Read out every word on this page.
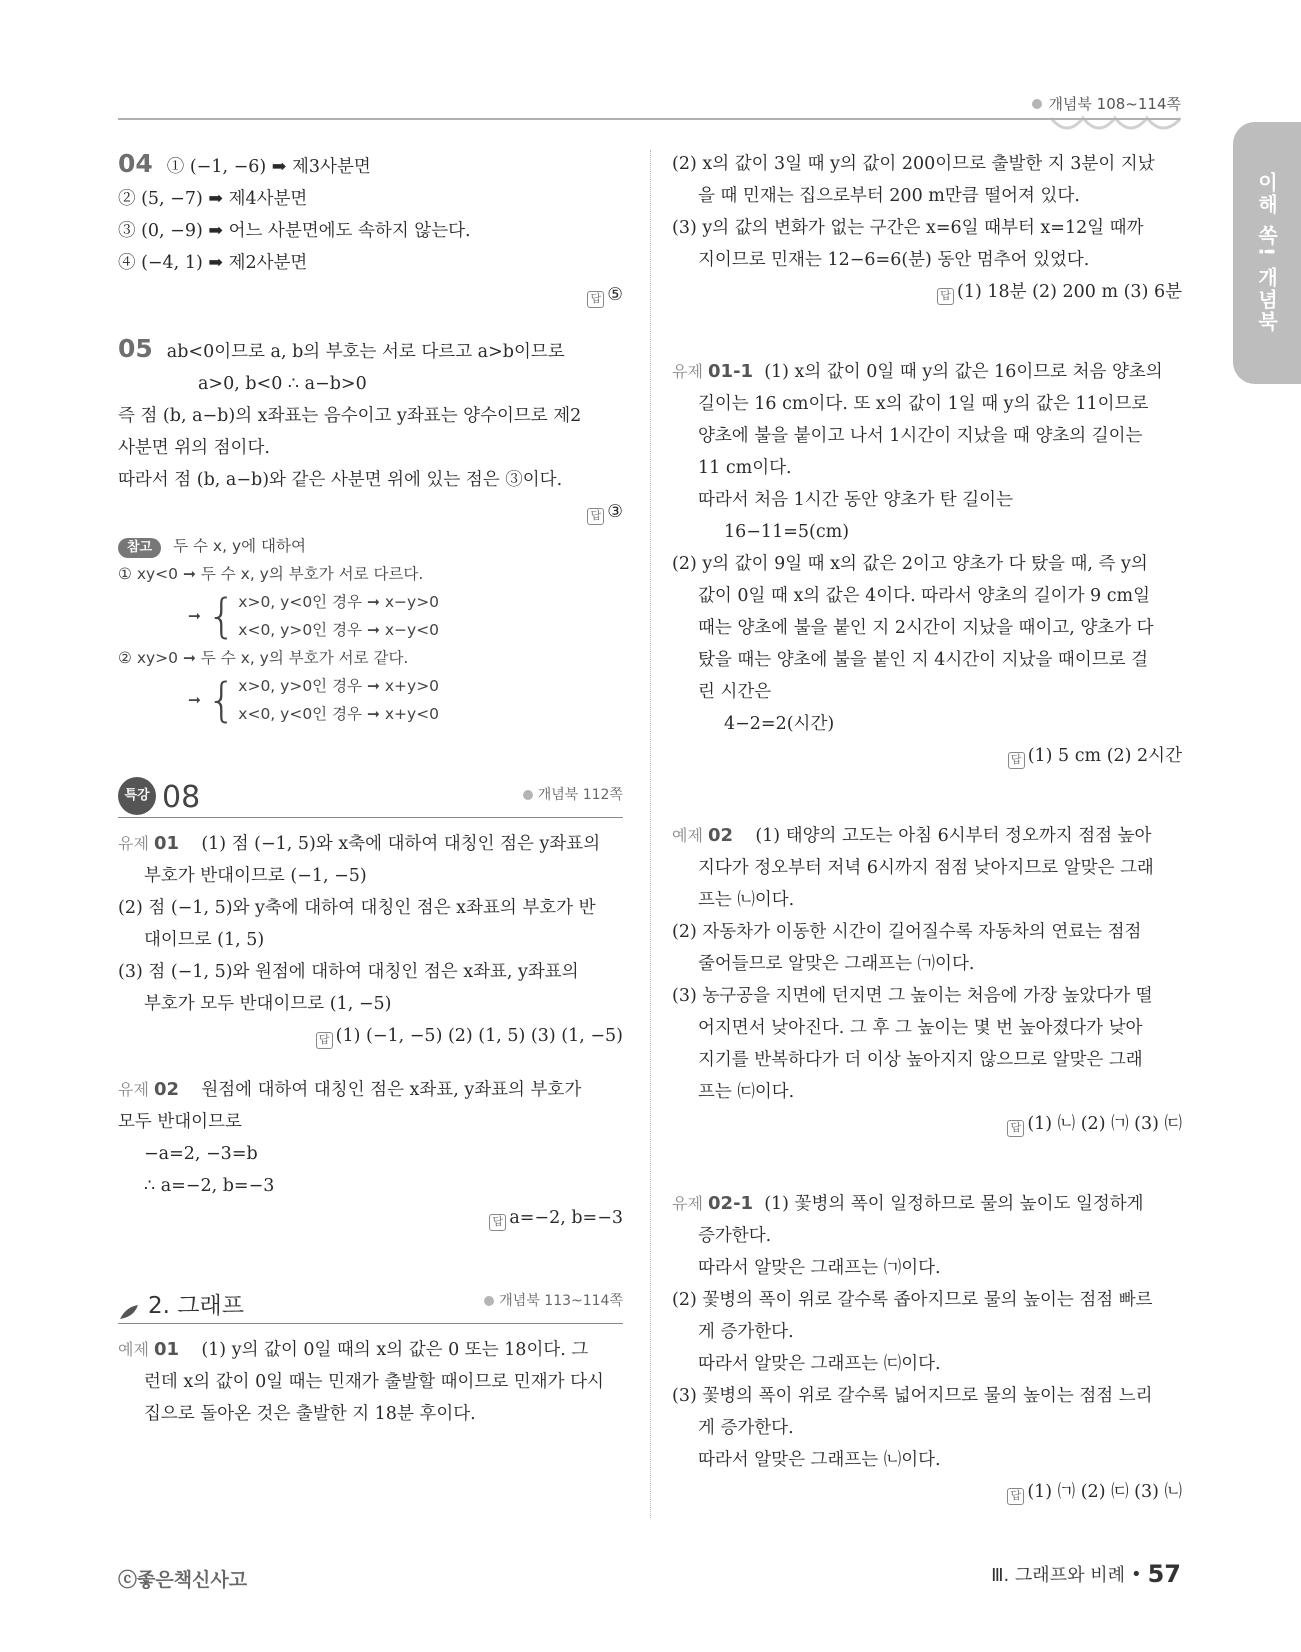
개념북 108~114쪽
이해 쏙! 개념북
04 ① (−1, −6) ➡ 제3사분면
② (5, −7) ➡ 제4사분면
③ (0, −9) ➡ 어느 사분면에도 속하지 않는다.
④ (−4, 1) ➡ 제2사분면
답 ⑤
05 ab<0이므로 a, b의 부호는 서로 다르고 a>b이므로
a>0, b<0 ∴ a−b>0
즉 점 (b, a−b)의 x좌표는 음수이고 y좌표는 양수이므로 제2
사분면 위의 점이다.
따라서 점 (b, a−b)와 같은 사분면 위에 있는 점은 ③이다.
답 ③
참고 두 수 x, y에 대하여
① xy<0 ➞ 두 수 x, y의 부호가 서로 다르다.
➞ { x>0, y<0인 경우 ➞ x−y>0
x<0, y>0인 경우 ➞ x−y<0
② xy>0 ➞ 두 수 x, y의 부호가 서로 같다.
➞ { x>0, y>0인 경우 ➞ x+y>0
x<0, y<0인 경우 ➞ x+y<0
특강 08	개념북 112쪽
유제 01 (1) 점 (−1, 5)와 x축에 대하여 대칭인 점은 y좌표의
부호가 반대이므로 (−1, −5)
(2) 점 (−1, 5)와 y축에 대하여 대칭인 점은 x좌표의 부호가 반
대이므로 (1, 5)
(3) 점 (−1, 5)와 원점에 대하여 대칭인 점은 x좌표, y좌표의
부호가 모두 반대이므로 (1, −5)
답 (1) (−1, −5) (2) (1, 5) (3) (1, −5)
유제 02 원점에 대하여 대칭인 점은 x좌표, y좌표의 부호가
모두 반대이므로
−a=2, −3=b
∴ a=−2, b=−3
답 a=−2, b=−3
2. 그래프	개념북 113~114쪽
예제 01 (1) y의 값이 0일 때의 x의 값은 0 또는 18이다. 그
런데 x의 값이 0일 때는 민재가 출발할 때이므로 민재가 다시
집으로 돌아온 것은 출발한 지 18분 후이다.
(2) x의 값이 3일 때 y의 값이 200이므로 출발한 지 3분이 지났
을 때 민재는 집으로부터 200 m만큼 떨어져 있다.
(3) y의 값의 변화가 없는 구간은 x=6일 때부터 x=12일 때까
지이므로 민재는 12−6=6(분) 동안 멈추어 있었다.
답 (1) 18분 (2) 200 m (3) 6분
유제 01-1 (1) x의 값이 0일 때 y의 값은 16이므로 처음 양초의
길이는 16 cm이다. 또 x의 값이 1일 때 y의 값은 11이므로
양초에 불을 붙이고 나서 1시간이 지났을 때 양초의 길이는
11 cm이다.
따라서 처음 1시간 동안 양초가 탄 길이는
16−11=5(cm)
(2) y의 값이 9일 때 x의 값은 2이고 양초가 다 탔을 때, 즉 y의
값이 0일 때 x의 값은 4이다. 따라서 양초의 길이가 9 cm일
때는 양초에 불을 붙인 지 2시간이 지났을 때이고, 양초가 다
탔을 때는 양초에 불을 붙인 지 4시간이 지났을 때이므로 걸
린 시간은
4−2=2(시간)
답 (1) 5 cm (2) 2시간
예제 02 (1) 태양의 고도는 아침 6시부터 정오까지 점점 높아
지다가 정오부터 저녁 6시까지 점점 낮아지므로 알맞은 그래
프는 ㈁이다.
(2) 자동차가 이동한 시간이 길어질수록 자동차의 연료는 점점
줄어들므로 알맞은 그래프는 ㈀이다.
(3) 농구공을 지면에 던지면 그 높이는 처음에 가장 높았다가 떨
어지면서 낮아진다. 그 후 그 높이는 몇 번 높아졌다가 낮아
지기를 반복하다가 더 이상 높아지지 않으므로 알맞은 그래
프는 ㈂이다.
답 (1) ㈁ (2) ㈀ (3) ㈂
유제 02-1 (1) 꽃병의 폭이 일정하므로 물의 높이도 일정하게
증가한다.
따라서 알맞은 그래프는 ㈀이다.
(2) 꽃병의 폭이 위로 갈수록 좁아지므로 물의 높이는 점점 빠르
게 증가한다.
따라서 알맞은 그래프는 ㈂이다.
(3) 꽃병의 폭이 위로 갈수록 넓어지므로 물의 높이는 점점 느리
게 증가한다.
따라서 알맞은 그래프는 ㈁이다.
답 (1) ㈀ (2) ㈂ (3) ㈁
ⓒ좋은책신사고	Ⅲ. 그래프와 비례 • 57
